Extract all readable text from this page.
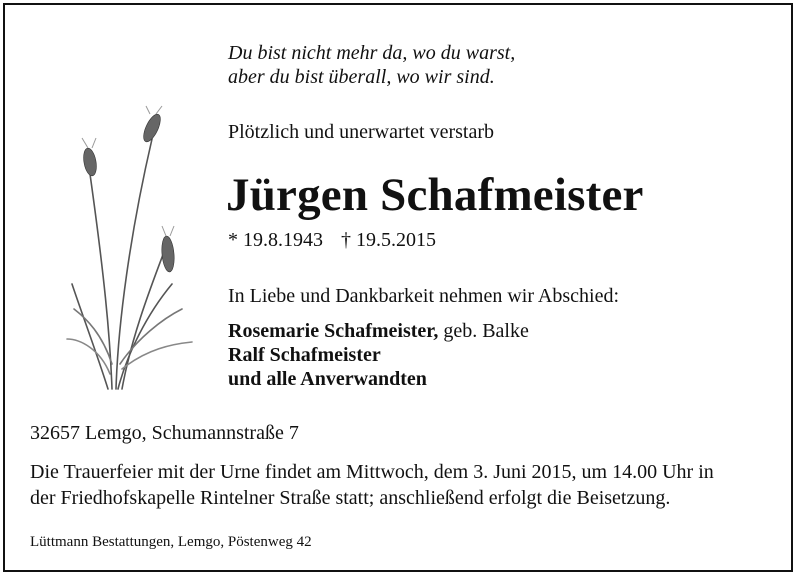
Du bist nicht mehr da, wo du warst,
aber du bist überall, wo wir sind.
Plötzlich und unerwartet verstarb
Jürgen Schafmeister
* 19.8.1943 † 19.5.2015
In Liebe und Dankbarkeit nehmen wir Abschied:
Rosemarie Schafmeister, geb. Balke
Ralf Schafmeister
und alle Anverwandten
32657 Lemgo, Schumannstraße 7
Die Trauerfeier mit der Urne findet am Mittwoch, dem 3. Juni 2015, um 14.00 Uhr in
der Friedhofskapelle Rintelner Straße statt; anschließend erfolgt die Beisetzung.
Lüttmann Bestattungen, Lemgo, Pöstenweg 42
